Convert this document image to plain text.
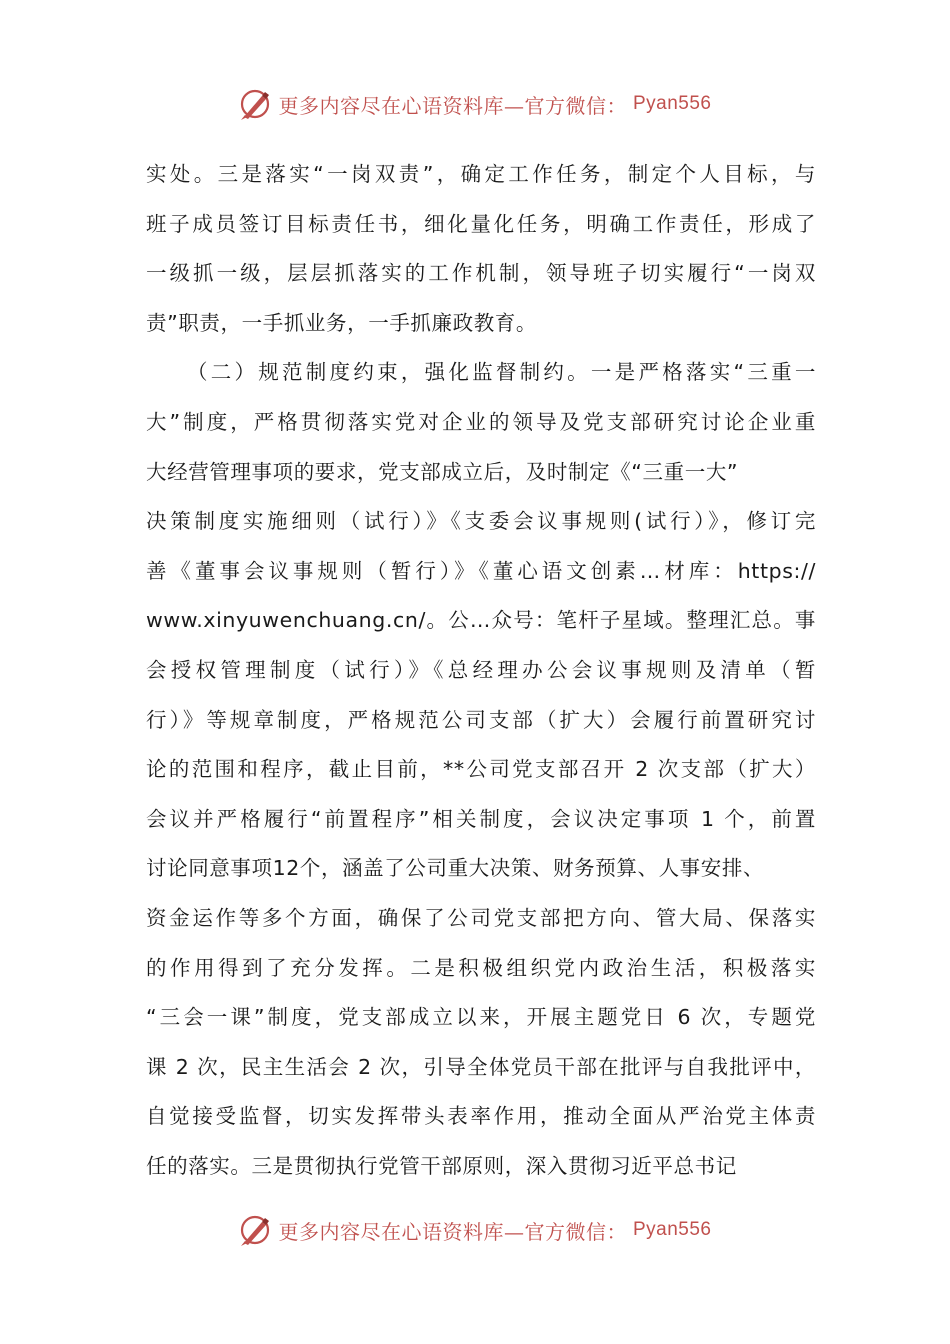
更多内容尽在心语资料库—官方微信： Pyan556
实处。三是落实“一岗双责”，确定工作任务，制定个人目标，与
班子成员签订目标责任书，细化量化任务，明确工作责任，形成了
一级抓一级，层层抓落实的工作机制，领导班子切实履行“一岗双
责”职责，一手抓业务，一手抓廉政教育。
（二）规范制度约束，强化监督制约。一是严格落实“三重一
大”制度，严格贯彻落实党对企业的领导及党支部研究讨论企业重
大经营管理事项的要求，党支部成立后，及时制定《“三重一大”
决策制度实施细则（试行）》《支委会议事规则(试行）》，修订完
善《董事会议事规则（暂行）》《董心语文创素…材库：https://
www.xinyuwenchuang.cn/。公…众号：笔杆子星域。整理汇总。事
会授权管理制度（试行）》《总经理办公会议事规则及清单（暂
行）》等规章制度，严格规范公司支部（扩大）会履行前置研究讨
论的范围和程序，截止目前，**公司党支部召开 2 次支部（扩大）
会议并严格履行“前置程序”相关制度，会议决定事项 1 个，前置
讨论同意事项12个，涵盖了公司重大决策、财务预算、人事安排、
资金运作等多个方面，确保了公司党支部把方向、管大局、保落实
的作用得到了充分发挥。二是积极组织党内政治生活，积极落实
“三会一课”制度，党支部成立以来，开展主题党日 6 次，专题党
课 2 次，民主生活会 2 次，引导全体党员干部在批评与自我批评中，
自觉接受监督，切实发挥带头表率作用，推动全面从严治党主体责
任的落实。三是贯彻执行党管干部原则，深入贯彻习近平总书记
更多内容尽在心语资料库—官方微信： Pyan556
